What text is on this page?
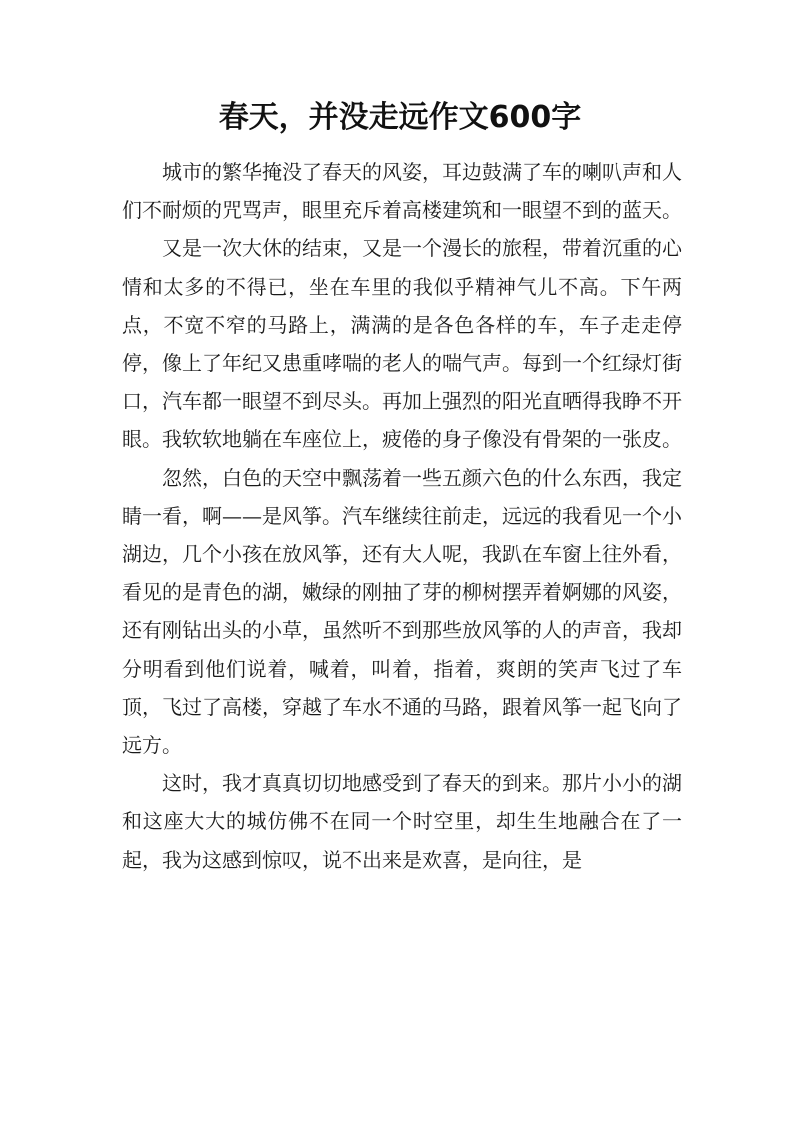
春天，并没走远作文600字

城市的繁华掩没了春天的风姿，耳边鼓满了车的喇叭声和人们不耐烦的咒骂声，眼里充斥着高楼建筑和一眼望不到的蓝天。

又是一次大休的结束，又是一个漫长的旅程，带着沉重的心情和太多的不得已，坐在车里的我似乎精神气儿不高。下午两点，不宽不窄的马路上，满满的是各色各样的车，车子走走停停，像上了年纪又患重哮喘的老人的喘气声。每到一个红绿灯街口，汽车都一眼望不到尽头。再加上强烈的阳光直晒得我睁不开眼。我软软地躺在车座位上，疲倦的身子像没有骨架的一张皮。

忽然，白色的天空中飘荡着一些五颜六色的什么东西，我定睛一看，啊——是风筝。汽车继续往前走，远远的我看见一个小湖边，几个小孩在放风筝，还有大人呢，我趴在车窗上往外看，看见的是青色的湖，嫩绿的刚抽了芽的柳树摆弄着婀娜的风姿，还有刚钻出头的小草，虽然听不到那些放风筝的人的声音，我却分明看到他们说着，喊着，叫着，指着，爽朗的笑声飞过了车顶，飞过了高楼，穿越了车水不通的马路，跟着风筝一起飞向了远方。

这时，我才真真切切地感受到了春天的到来。那片小小的湖和这座大大的城仿佛不在同一个时空里，却生生地融合在了一起，我为这感到惊叹，说不出来是欢喜，是向往，是
